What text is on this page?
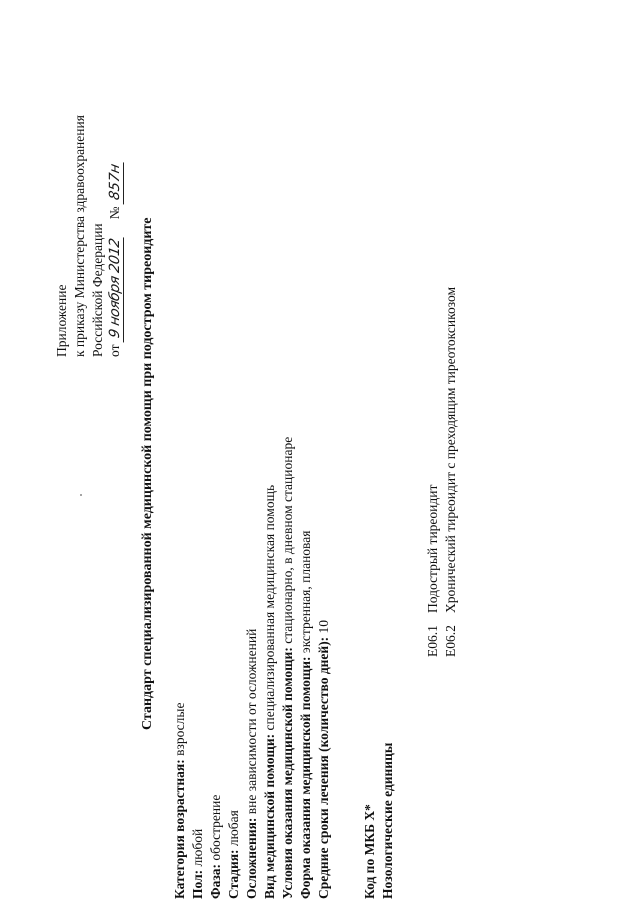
Приложение к приказу Министерства здравоохранения Российской Федерации от 9 ноября 2012  № 857н
Стандарт специализированной медицинской помощи при подостром тиреоидите
Категория возрастная: взрослые
Пол: любой
Фаза: обострение
Стадия: любая Осложнения: вне зависимости от осложнений Вид медицинской помощи: специализированная медицинская помощь
Условия оказания медицинской помощи: стационарно, в дневном стационаре
Форма оказания медицинской помощи: экстренная, плановая
Средние сроки лечения (количество дней): 10
Код по МКБ X* Нозологические единицы
E06.1
Подострый тиреоидит
E06.2
Хронический тиреоидит с преходящим тиреотоксикозом
